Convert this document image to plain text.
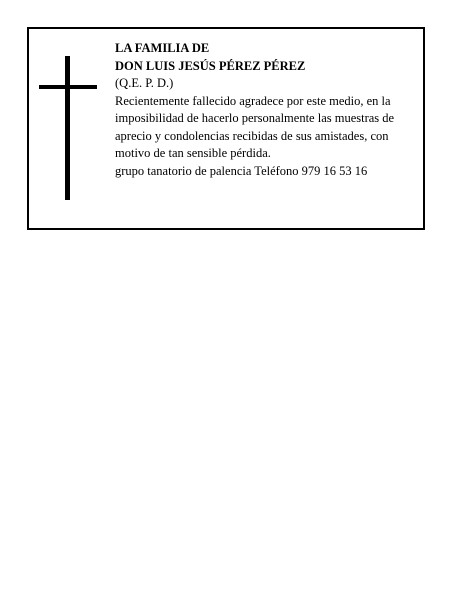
LA FAMILIA DE
DON LUIS JESÚS PÉREZ PÉREZ
(Q.E. P. D.)
Recientemente fallecido agradece por este medio, en la
imposibilidad de hacerlo personalmente las muestras de
aprecio y condolencias recibidas de sus amistades, con
motivo de tan sensible pérdida.
grupo tanatorio de palencia Teléfono 979 16 53 16
